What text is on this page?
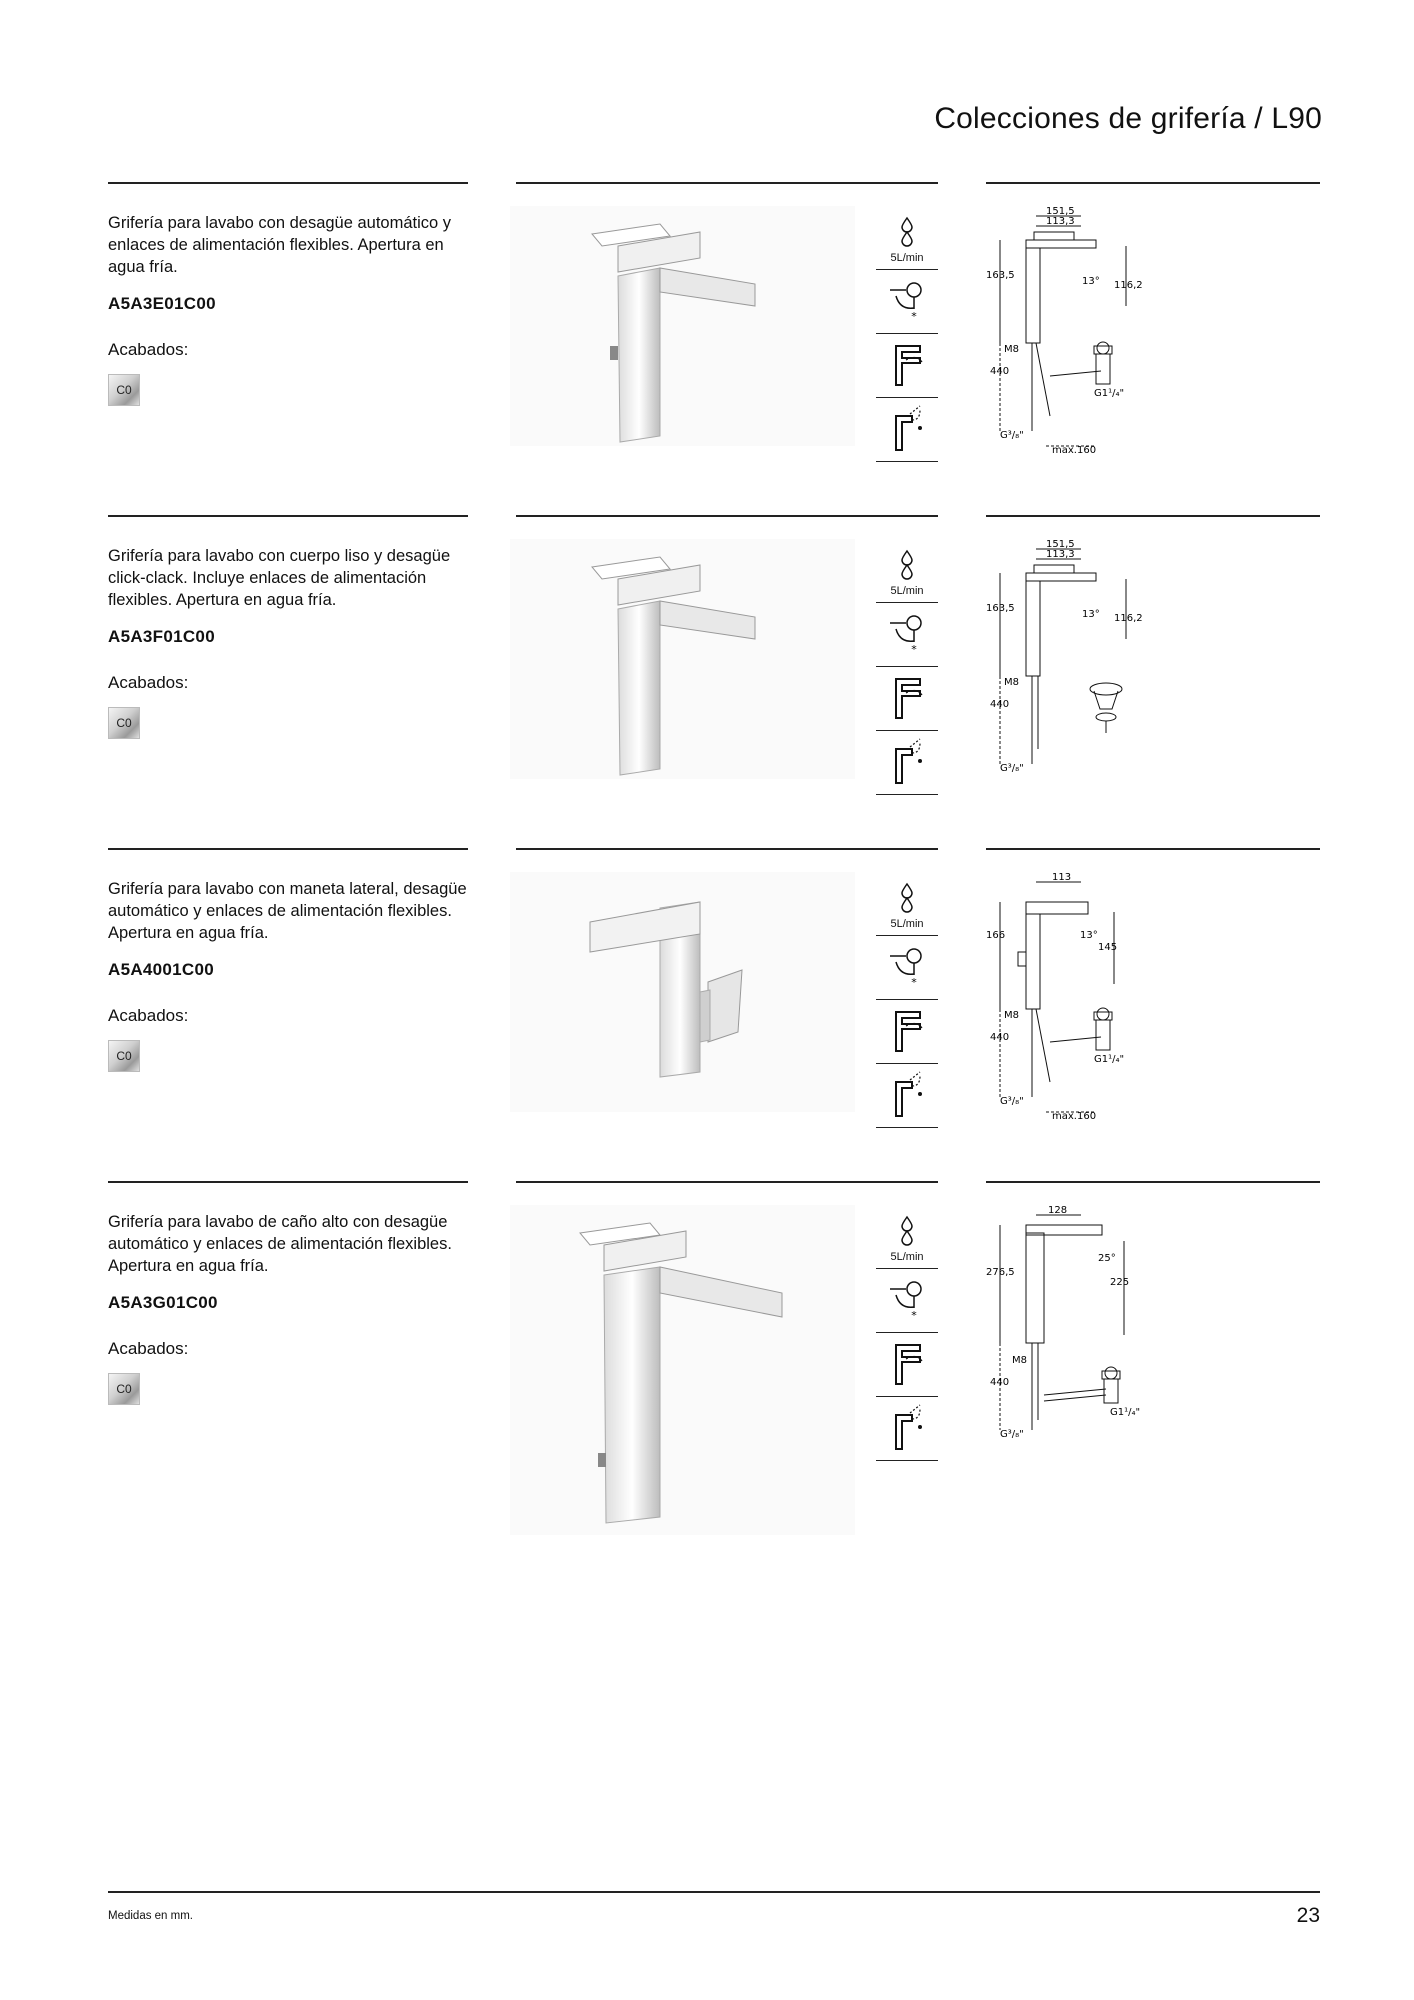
Colecciones de grifería / L90
Grifería para lavabo con desagüe automático y enlaces de alimentación flexibles. Apertura en agua fría.
A5A3E01C00
Acabados:
C0
5L/min
*
151,5
113,3
163,5
13° 116,2
M8
440
G1¹/₄"
G³/₈"
max.160
Grifería para lavabo con cuerpo liso y desagüe click-clack. Incluye enlaces de alimentación flexibles. Apertura en agua fría.
A5A3F01C00
Acabados:
C0
5L/min
*
151,5
113,3
163,5
13° 116,2
M8
440
G³/₈"
Grifería para lavabo con maneta lateral, desagüe automático y enlaces de alimentación flexibles. Apertura en agua fría.
A5A4001C00
Acabados:
C0
5L/min
*
113
166	13°
145
M8
440
G1¹/₄"
G³/₈"
max.160
Grifería para lavabo de caño alto con desagüe automático y enlaces de alimentación flexibles. Apertura en agua fría.
A5A3G01C00
Acabados:
C0
5L/min
*
128
276,5
25°
225
M8
440
G1¹/₄"
G³/₈"
Medidas en mm.	23
